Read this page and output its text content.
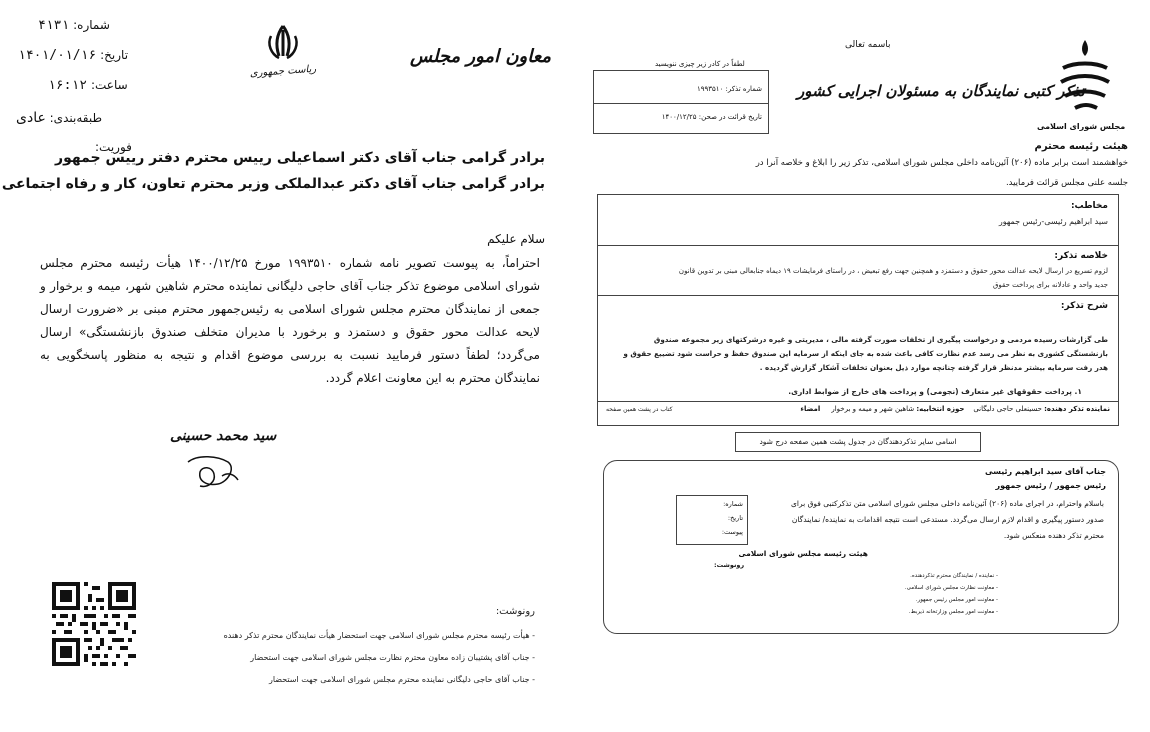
شماره: ۴۱۳۱
تاریخ: ۱۴۰۱/۰۱/۱۶
ساعت: ۱۶:۱۲
طبقه‌بندی: عادی
فوریت:
ریاست جمهوری
معاون امور مجلس
برادر گرامی جناب آقای دکتر اسماعیلی رییس محترم دفتر رییس جمهور
برادر گرامی جناب آقای دکتر عبدالملکی وزیر محترم تعاون، کار و رفاه اجتماعی
سلام علیکم
احتراماً، به پیوست تصویر نامه شماره ۱۹۹۳۵۱۰ مورخ ۱۴۰۰/۱۲/۲۵ هیأت رئیسه محترم مجلس شورای اسلامی موضوع تذکر جناب آقای حاجی دلیگانی نماینده محترم شاهین شهر، میمه و برخوار و جمعی از نمایندگان محترم مجلس شورای اسلامی به رئیس‌جمهور محترم مبنی بر «ضرورت ارسال لایحه عدالت محور حقوق و دستمزد و برخورد با مدیران متخلف صندوق بازنشستگی» ارسال می‌گردد؛ لطفاً دستور فرمایید نسبت به بررسی موضوع اقدام و نتیجه به منظور پاسخگویی به نمایندگان محترم به این معاونت اعلام گردد.
سید محمد حسینی
رونوشت:
- هیأت رئیسه محترم مجلس شورای اسلامی جهت استحضار هیأت نمایندگان محترم تذکر دهنده
- جناب آقای پشتیبان زاده معاون محترم نظارت مجلس شورای اسلامی جهت استحضار
- جناب آقای حاجی دلیگانی نماینده محترم مجلس شورای اسلامی جهت استحضار
باسمه تعالی
مجلس شورای اسلامی
تذکر کتبی نمایندگان به مسئولان اجرایی کشور
لطفاً در کادر زیر چیزی ننویسید
شماره تذکر: ۱۹۹۳۵۱۰
تاریخ قرائت در صحن: ۱۴۰۰/۱۲/۲۵
هیئت رئیسه محترم
خواهشمند است برابر ماده (۲۰۶) آئین‌نامه داخلی مجلس شورای اسلامی، تذکر زیر را ابلاغ و خلاصه آنرا در
جلسه علنی مجلس قرائت فرمایید.
مخاطب:
سید ابراهیم رئیسی-رئیس جمهور
خلاصه تذکر:
لزوم تسریع در ارسال لایحه عدالت محور حقوق و دستمزد و همچنین جهت رفع تبعیض ، در راستای فرمایشات ۱۹ دیماه جنابعالی مبنی بر تدوین قانون
جدید واحد و عادلانه برای پرداخت حقوق
شرح تذکر:
طی گزارشات رسیده مردمی و درخواست پیگیری از تخلفات صورت گرفته مالی ، مدیریتی و غیره درشرکتهای زیر مجموعه صندوق
بازنشستگی کشوری به نظر می رسد عدم نظارت کافی باعث شده به جای اینکه از سرمایه این صندوق حفظ و حراست شود تضییع حقوق و
هدر رفت سرمایه بیشتر مدنظر قرار گرفته چنانچه موارد ذیل بعنوان تخلفات آشکار گزارش گردیده .
۱. پرداخت حقوقهای غیر متعارف (نجومی) و پرداخت های خارج از ضوابط اداری.
نماینده تذکر دهنده: حسینعلی حاجی دلیگانی    حوزه انتخابیه: شاهین شهر و میمه و برخوار     امضاء
کتاب در پشت همین صفحه
اسامی سایر تذکردهندگان در جدول پشت همین صفحه درج شود
جناب آقای سید ابراهیم رئیسی
رئیس جمهور / رئیس جمهور
باسلام واحترام، در اجرای ماده (۲۰۶) آئین‌نامه داخلی مجلس شورای اسلامی متن تذکرکتبی فوق برای
صدور دستور پیگیری و اقدام لازم ارسال می‌گردد. مستدعی است نتیجه اقدامات به نماینده/ نمایندگان
محترم تذکر دهنده منعکس شود.
شماره:
تاریخ:
پیوست:
هیئت رئیسه مجلس شورای اسلامی
رونوشت:
- نماینده / نمایندگان محترم تذکردهنده.
- معاونت نظارت مجلس شورای اسلامی.
- معاونت امور مجلس رئیس جمهور.
- معاونت امور مجلس وزارتخانه ذیربط.
